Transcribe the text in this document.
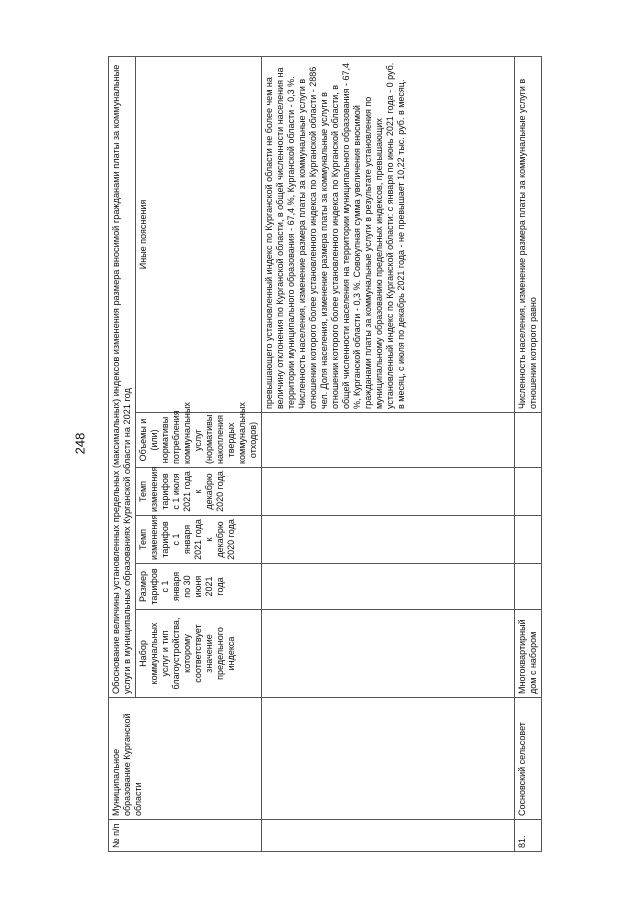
248
№ п/п	Муниципальное образование Курганской области	Обоснование величины установленных предельных (максимальных) индексов изменения размера вносимой гражданами платы за коммунальные услуги в муниципальных образованиях Курганской области на 2021 год					
		Набор коммунальных услуг и тип благоустройства, которому соответствует значение предельного индекса	Размер тарифов с 1 января по 30 июня 2021 года	Темп изменения тарифов с 1 января 2021 года к декабрю 2020 года	Темп изменения тарифов с 1 июля 2021 года к декабрю 2020 года	Объемы и (или) нормативы потребления коммунальных услуг (нормативы накопления твердых коммунальных отходов)	Иные пояснения
							превышающего установленный индекс по Курганской области не более чем на величину отклонения по Курганской области, в общей численности населения на территории муниципального образования - 67,4 %, Курганской области - 0,3 %. Численность населения, изменение размера платы за коммунальные услуги в отношении которого более установленного индекса по Курганской области - 2886 чел. Доля населения, изменение размера платы за коммунальные услуги в отношении которого более установленного индекса по Курганской области, в общей численности населения на территории муниципального образования - 67,4 %, Курганской области - 0,3 %. Совокупная сумма увеличения вносимой гражданами платы за коммунальные услуги в результате установления по муниципальному образованию предельных индексов, превышающих установленный индекс по Курганской области: с января по июнь 2021 года - 0 руб. в месяц, с июля по декабрь 2021 года - не превышает 10,22 тыс. руб. в месяц.
81.	Сосновский сельсовет	Многоквартирный дом с набором					Численность населения, изменение размера платы за коммунальные услуги в отношении которого равно
